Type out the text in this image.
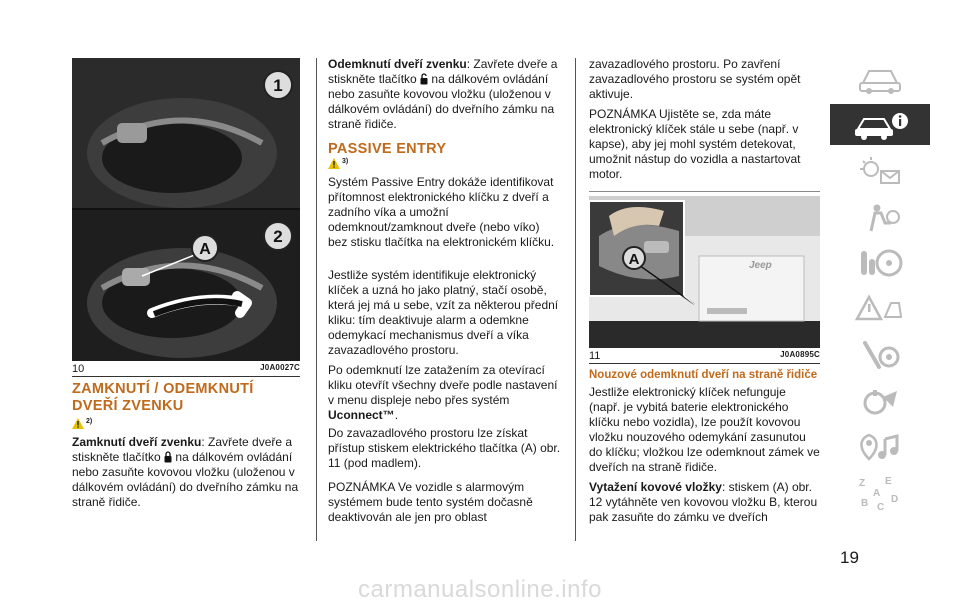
1
2
A
10	J0A0027C
ZAMKNUTÍ / ODEMKNUTÍ DVEŘÍ ZVENKU
2)

Zamknutí dveří zvenku: Zavřete dveře a stiskněte tlačítko na dálkovém ovládání nebo zasuňte kovovou vložku (uloženou v dálkovém ovládání) do dveřního zámku na straně řidiče.

Odemknutí dveří zvenku: Zavřete dveře a stiskněte tlačítko na dálkovém ovládání nebo zasuňte kovovou vložku (uloženou v dálkovém ovládání) do dveřního zámku na straně řidiče.

PASSIVE ENTRY
3)

Systém Passive Entry dokáže identifikovat přítomnost elektronického klíčku z dveří a zadního víka a umožní odemknout/zamknout dveře (nebo víko) bez stisku tlačítka na elektronickém klíčku.

Jestliže systém identifikuje elektronický klíček a uzná ho jako platný, stačí osobě, která jej má u sebe, vzít za některou přední kliku: tím deaktivuje alarm a odemkne odemykací mechanismus dveří a víka zavazadlového prostoru.

Po odemknutí lze zatažením za otevírací kliku otevřít všechny dveře podle nastavení v menu displeje nebo přes systém Uconnect™.

Do zavazadlového prostoru lze získat přístup stiskem elektrického tlačítka (A) obr. 11 (pod madlem).

POZNÁMKA Ve vozidle s alarmovým systémem bude tento systém dočasně deaktivován ale jen pro oblast

zavazadlového prostoru. Po zavření zavazadlového prostoru se systém opět aktivuje.

POZNÁMKA Ujistěte se, zda máte elektronický klíček stále u sebe (např. v kapse), aby jej mohl systém detekovat, umožnit nástup do vozidla a nastartovat motor.

Jeep
A
11	J0A0895C
Nouzové odemknutí dveří na straně řidiče

Jestliže elektronický klíček nefunguje (např. je vybitá baterie elektronického klíčku nebo vozidla), lze použít kovovou vložku nouzového odemykání zasunutou do klíčku; vložkou lze odemknout zámek ve dveřích na straně řidiče.

Vytažení kovové vložky: stiskem (A) obr. 12 vytáhněte ven kovovou vložku B, kterou pak zasuňte do zámku ve dveřích

Z E
A
B C
D
19
carmanualsonline.info
